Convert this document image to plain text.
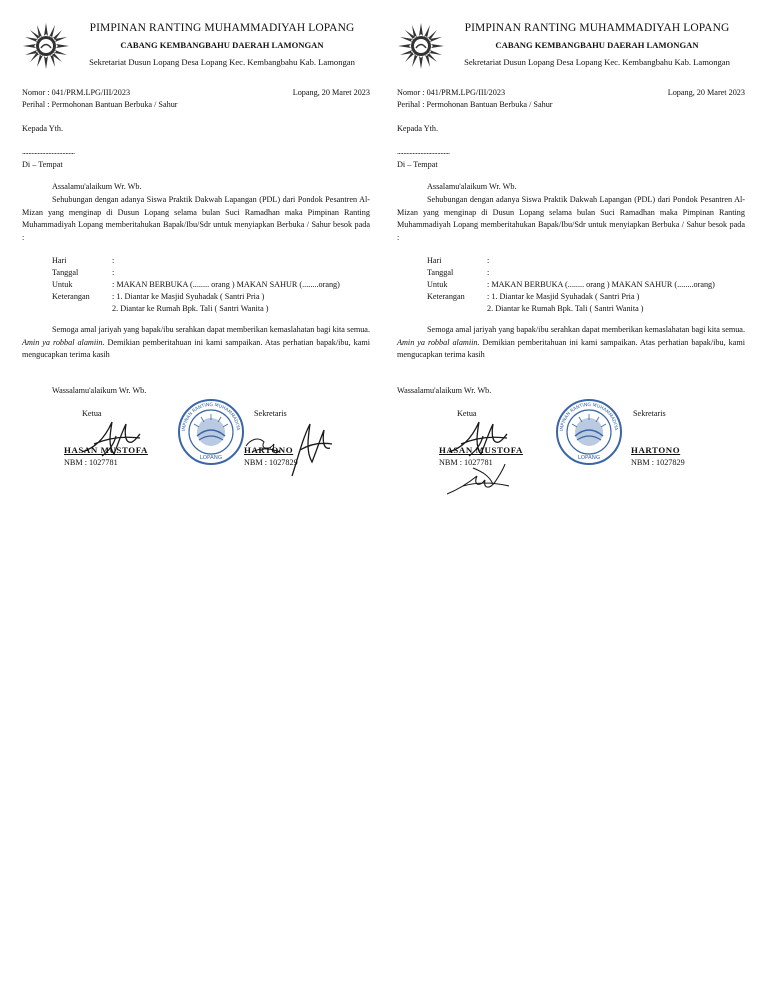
PIMPINAN RANTING MUHAMMADIYAH LOPANG
CABANG KEMBANGBAHU DAERAH LAMONGAN
Sekretariat Dusun Lopang Desa Lopang Kec. Kembangbahu Kab. Lamongan
Nomor : 041/PRM.LPG/III/2023	Lopang, 20 Maret 2023
Perihal : Permohonan Bantuan Berbuka / Sahur
Kepada Yth.
..................................
Di – Tempat
Assalamu'alaikum Wr. Wb.
Sehubungan dengan adanya Siswa Praktik Dakwah Lapangan (PDL) dari Pondok Pesantren Al-Mizan yang menginap di Dusun Lopang selama bulan Suci Ramadhan maka Pimpinan Ranting Muhammadiyah Lopang memberitahukan Bapak/Ibu/Sdr untuk menyiapkan Berbuka / Sahur besok pada :
Hari	:
Tanggal	:
Untuk	: MAKAN BERBUKA (........ orang ) MAKAN SAHUR (........orang)
Keterangan	: 1. Diantar ke Masjid Syuhadak ( Santri Pria )
2. Diantar ke Rumah Bpk. Tali ( Santri Wanita )
Semoga amal jariyah yang bapak/ibu serahkan dapat memberikan kemaslahatan bagi kita semua. Amin ya robbal alamiin. Demikian pemberitahuan ini kami sampaikan. Atas perhatian bapak/ibu, kami mengucapkan terima kasih
Wassalamu'alaikum Wr. Wb.
Ketua
HASAN MUSTOFA
NBM : 1027781
IMPINAN RANTING MUHAMMADIYA
LOPANG
Sekretaris
HARTONO
NBM : 1027829
PIMPINAN RANTING MUHAMMADIYAH LOPANG
CABANG KEMBANGBAHU DAERAH LAMONGAN
Sekretariat Dusun Lopang Desa Lopang Kec. Kembangbahu Kab. Lamongan
Nomor : 041/PRM.LPG/III/2023	Lopang, 20 Maret 2023
Perihal : Permohonan Bantuan Berbuka / Sahur
Kepada Yth.
..................................
Di – Tempat
Assalamu'alaikum Wr. Wb.
Sehubungan dengan adanya Siswa Praktik Dakwah Lapangan (PDL) dari Pondok Pesantren Al-Mizan yang menginap di Dusun Lopang selama bulan Suci Ramadhan maka Pimpinan Ranting Muhammadiyah Lopang memberitahukan Bapak/Ibu/Sdr untuk menyiapkan Berbuka / Sahur besok pada :
Hari	:
Tanggal	:
Untuk	: MAKAN BERBUKA (........ orang ) MAKAN SAHUR (........orang)
Keterangan	: 1. Diantar ke Masjid Syuhadak ( Santri Pria )
2. Diantar ke Rumah Bpk. Tali ( Santri Wanita )
Semoga amal jariyah yang bapak/ibu serahkan dapat memberikan kemaslahatan bagi kita semua. Amin ya robbal alamiin. Demikian pemberitahuan ini kami sampaikan. Atas perhatian bapak/ibu, kami mengucapkan terima kasih
Wassalamu'alaikum Wr. Wb.
Ketua
HASAN MUSTOFA
NBM : 1027781
IMPINAN RANTING MUHAMMADIYA
LOPANG
Sekretaris
HARTONO
NBM : 1027829
